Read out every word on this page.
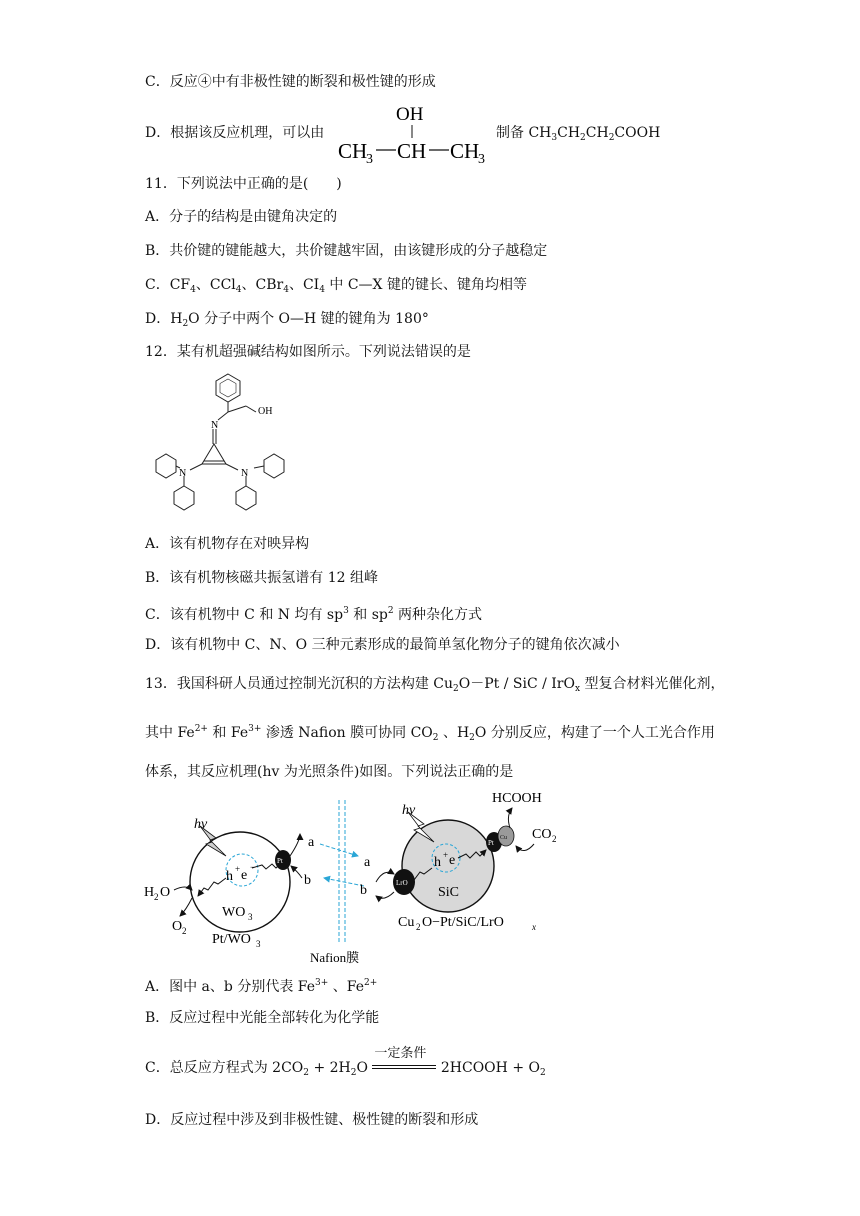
C．反应④中有非极性键的断裂和极性键的形成
D．根据该反应机理，可以由
OH
CH
3 CH CH
3
制备 $CH_3CH_2CH_2COOH$
11．下列说法中正确的是(　　)
A．分子的结构是由键角决定的
B．共价键的键能越大，共价键越牢固，由该键形成的分子越稳定
C．$CF_4$、CCl$_4$、CBr$_4$、$CI_4$ 中 C—X 键的键长、键角均相等
D．$H_2O$ 分子中两个 O—H 键的键角为 180°
12．某有机超强碱结构如图所示。下列说法错误的是
OH
N
N	N
A．该有机物存在对映异构
B．该有机物核磁共振氢谱有 12 组峰
C．该有机物中 C 和 N 均有 $sp^3$ 和 $sp^2$ 两种杂化方式
D．该有机物中 C、N、O 三种元素形成的最简单氢化物分子的键角依次减小
13．我国科研人员通过控制光沉积的方法构建 $Cu_2O-Pt$ / SiC / IrO$_x$ 型复合材料光催化剂，
其中 $Fe^{2+}$ 和 $Fe^{3+}$ 渗透 Nafion 膜可协同 $CO_2$ 、$H_2O$ 分别反应，构建了一个人工光合作用
体系，其反应机理(hv 为光照条件)如图。下列说法正确的是
h + e
−
hv
Pt
H 2 O
O 2
WO 3
Pt/WO 3
a
b
Nafion膜
a
b
h + e
hv
SiC
Pt
Cu
LrO
HCOOH
CO 2
Cu 2 O−Pt/SiC/LrO	x
A．图中 a、b 分别代表 $Fe^{3+}$ 、$Fe^{2+}$
B．反应过程中光能全部转化为化学能
C．总反应方程式为 $2CO_2 + 2H_2O$
一定条件
2HCOOH + $O_2$
D．反应过程中涉及到非极性键、极性键的断裂和形成
